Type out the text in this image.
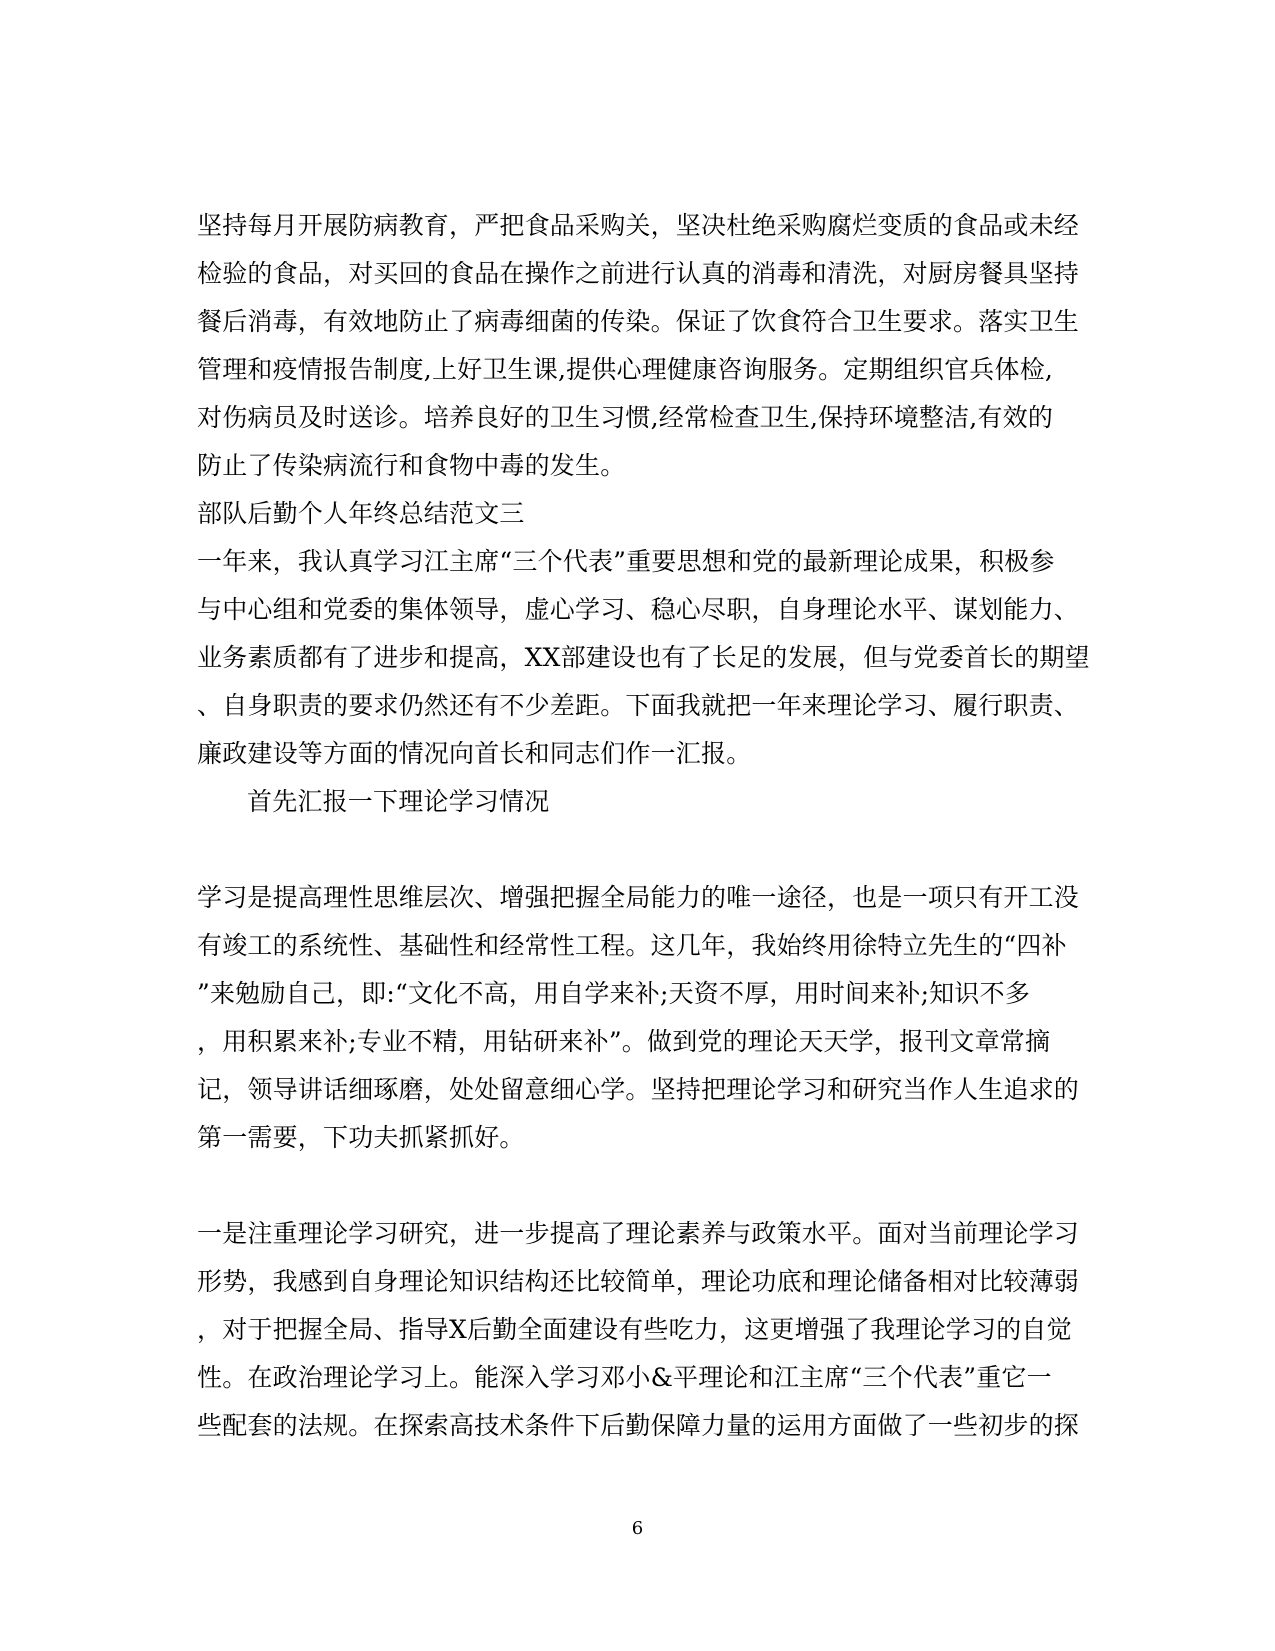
坚持每月开展防病教育，严把食品采购关，坚决杜绝采购腐烂变质的食品或未经
检验的食品，对买回的食品在操作之前进行认真的消毒和清洗，对厨房餐具坚持
餐后消毒，有效地防止了病毒细菌的传染。保证了饮食符合卫生要求。落实卫生
管理和疫情报告制度,上好卫生课,提供心理健康咨询服务。定期组织官兵体检,
对伤病员及时送诊。培养良好的卫生习惯,经常检查卫生,保持环境整洁,有效的
防止了传染病流行和食物中毒的发生。
部队后勤个人年终总结范文三
一年来，我认真学习江主席“三个代表”重要思想和党的最新理论成果，积极参
与中心组和党委的集体领导，虚心学习、稳心尽职，自身理论水平、谋划能力、
业务素质都有了进步和提高，XX部建设也有了长足的发展，但与党委首长的期望
、自身职责的要求仍然还有不少差距。下面我就把一年来理论学习、履行职责、
廉政建设等方面的情况向首长和同志们作一汇报。
首先汇报一下理论学习情况
学习是提高理性思维层次、增强把握全局能力的唯一途径，也是一项只有开工没
有竣工的系统性、基础性和经常性工程。这几年，我始终用徐特立先生的“四补
”来勉励自己，即:“文化不高，用自学来补;天资不厚，用时间来补;知识不多
，用积累来补;专业不精，用钻研来补”。做到党的理论天天学，报刊文章常摘
记，领导讲话细琢磨，处处留意细心学。坚持把理论学习和研究当作人生追求的
第一需要，下功夫抓紧抓好。
一是注重理论学习研究，进一步提高了理论素养与政策水平。面对当前理论学习
形势，我感到自身理论知识结构还比较简单，理论功底和理论储备相对比较薄弱
，对于把握全局、指导X后勤全面建设有些吃力，这更增强了我理论学习的自觉
性。在政治理论学习上。能深入学习邓小&平理论和江主席“三个代表”重它一
些配套的法规。在探索高技术条件下后勤保障力量的运用方面做了一些初步的探
6
